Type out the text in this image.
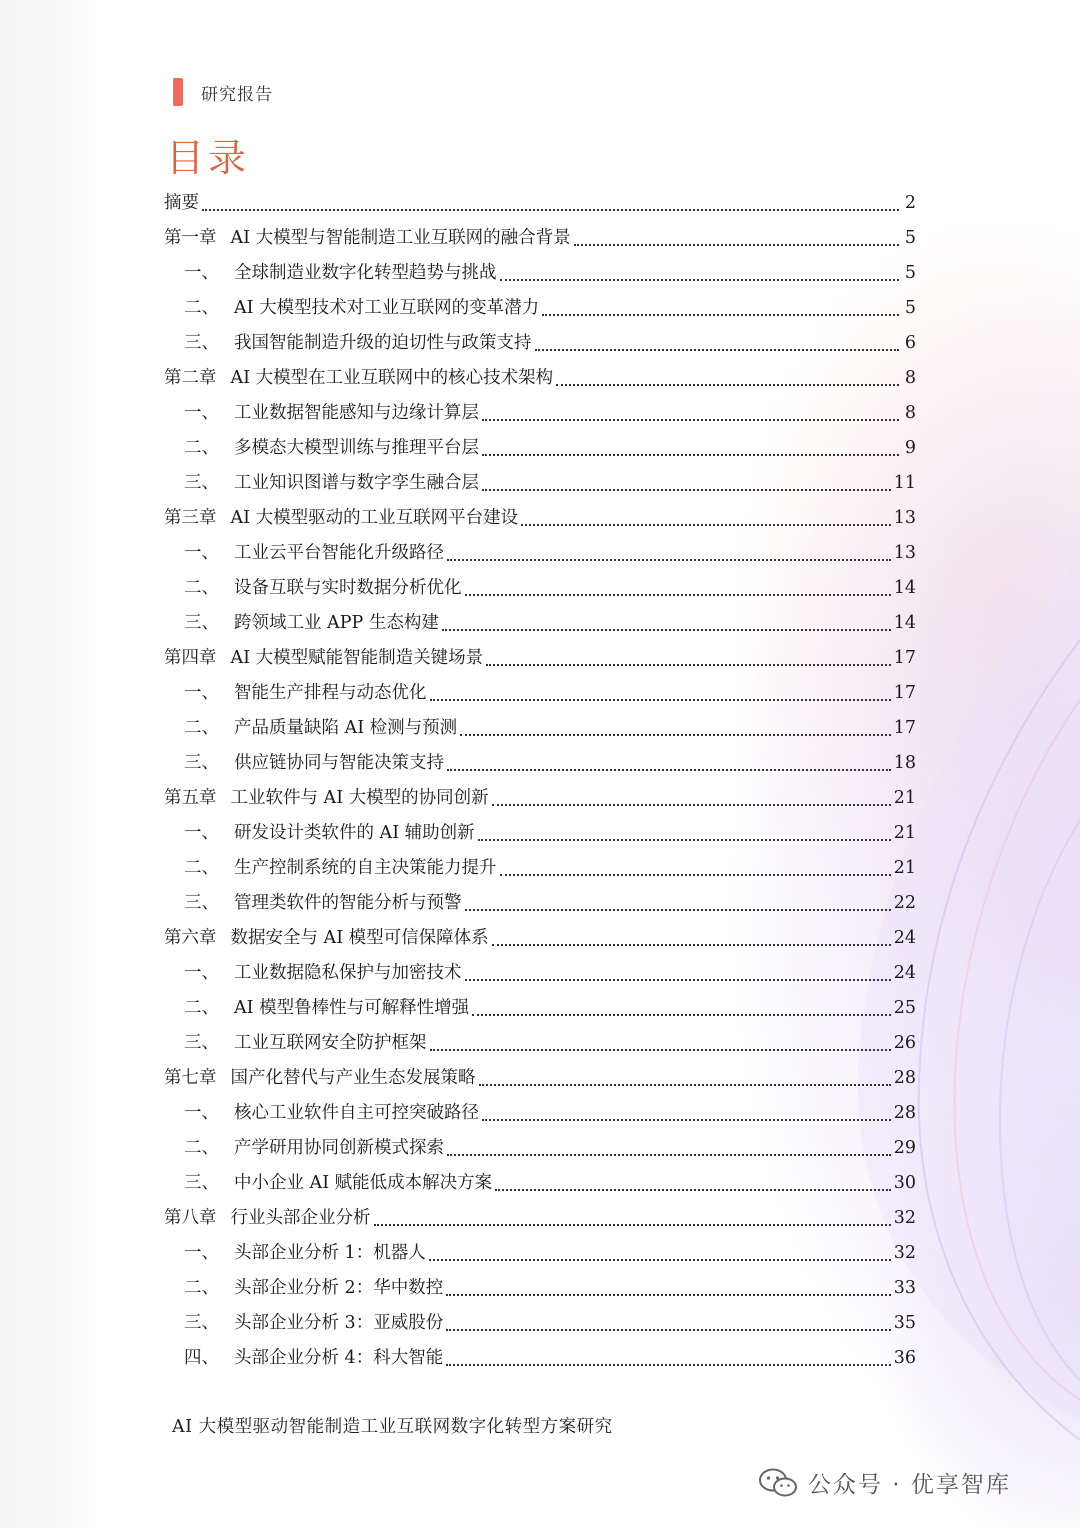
研究报告
目录
摘要	2
第一章 AI 大模型与智能制造工业互联网的融合背景	5
一、 全球制造业数字化转型趋势与挑战	5
二、 AI 大模型技术对工业互联网的变革潜力	5
三、 我国智能制造升级的迫切性与政策支持	6
第二章 AI 大模型在工业互联网中的核心技术架构	8
一、 工业数据智能感知与边缘计算层	8
二、 多模态大模型训练与推理平台层	9
三、 工业知识图谱与数字孪生融合层	11
第三章 AI 大模型驱动的工业互联网平台建设	13
一、 工业云平台智能化升级路径	13
二、 设备互联与实时数据分析优化	14
三、 跨领域工业 APP 生态构建	14
第四章 AI 大模型赋能智能制造关键场景	17
一、 智能生产排程与动态优化	17
二、 产品质量缺陷 AI 检测与预测	17
三、 供应链协同与智能决策支持	18
第五章 工业软件与 AI 大模型的协同创新	21
一、 研发设计类软件的 AI 辅助创新	21
二、 生产控制系统的自主决策能力提升	21
三、 管理类软件的智能分析与预警	22
第六章 数据安全与 AI 模型可信保障体系	24
一、 工业数据隐私保护与加密技术	24
二、 AI 模型鲁棒性与可解释性增强	25
三、 工业互联网安全防护框架	26
第七章 国产化替代与产业生态发展策略	28
一、 核心工业软件自主可控突破路径	28
二、 产学研用协同创新模式探索	29
三、 中小企业 AI 赋能低成本解决方案	30
第八章 行业头部企业分析	32
一、 头部企业分析 1：机器人	32
二、 头部企业分析 2：华中数控	33
三、 头部企业分析 3：亚威股份	35
四、 头部企业分析 4：科大智能	36
AI 大模型驱动智能制造工业互联网数字化转型方案研究
公众号 · 优享智库
